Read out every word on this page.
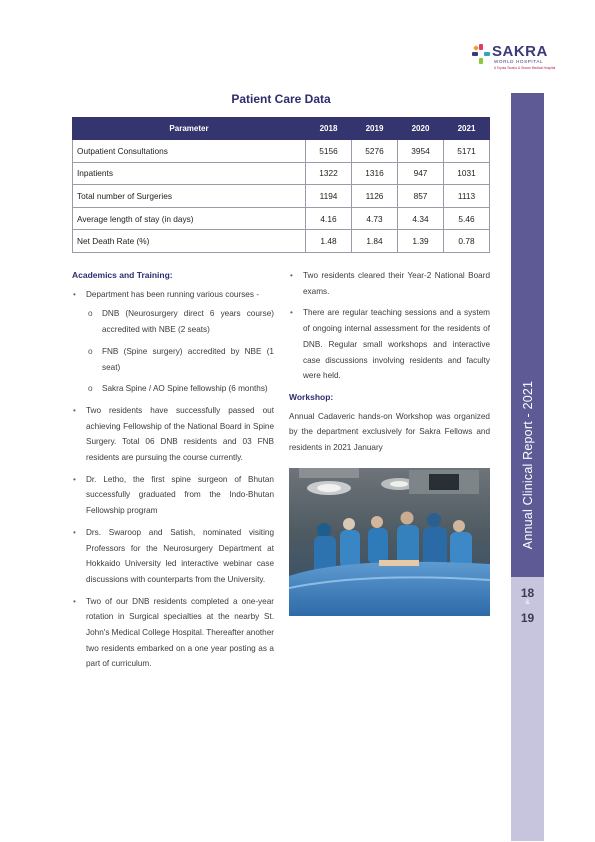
SAKRA
WORLD HOSPITAL
A Toyota Tsusho & Secom Medical Hospital
Annual Clinical Report - 2021
18
&
19
Patient Care Data
Parameter	2018	2019	2020	2021
Outpatient Consultations	5156	5276	3954	5171
Inpatients	1322	1316	947	1031
Total number of Surgeries	1194	1126	857	1113
Average length of stay (in days)	4.16	4.73	4.34	5.46
Net Death Rate (%)	1.48	1.84	1.39	0.78
Academics and Training:
• Department has been running various courses -
o DNB (Neurosurgery direct 6 years course) accredited with NBE (2 seats)
o FNB (Spine surgery) accredited by NBE (1 seat)
o Sakra Spine / AO Spine fellowship (6 months)
• Two residents have successfully passed out achieving Fellowship of the National Board in Spine Surgery. Total 06 DNB residents and 03 FNB residents are pursuing the course currently.
• Dr. Letho, the first spine surgeon of Bhutan successfully graduated from the Indo-Bhutan Fellowship program
• Drs. Swaroop and Satish, nominated visiting Professors for the Neurosurgery Department at Hokkaido University led interactive webinar case discussions with counterparts from the University.
• Two of our DNB residents completed a one-year rotation in Surgical specialties at the nearby St. John's Medical College Hospital. Thereafter another two residents embarked on a one year posting as a part of curriculum.
• Two residents cleared their Year-2 National Board exams.
• There are regular teaching sessions and a system of ongoing internal assessment for the residents of DNB. Regular small workshops and interactive case discussions involving residents and faculty were held.
Workshop:
Annual Cadaveric hands-on Workshop was organized by the department exclusively for Sakra Fellows and residents in 2021 January
